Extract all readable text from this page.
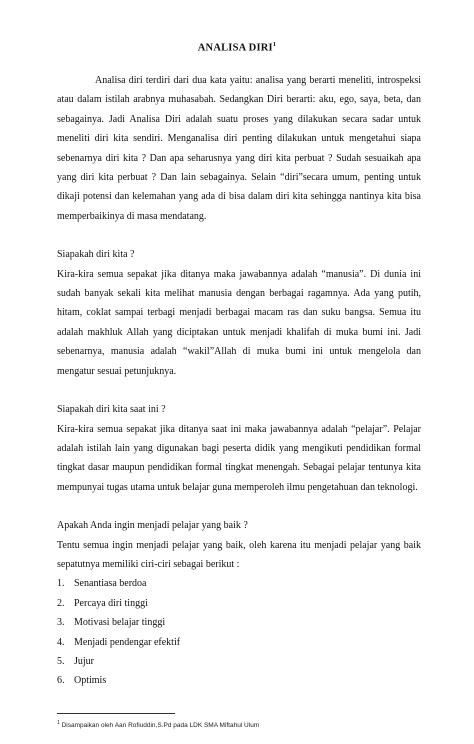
ANALISA DIRI$^1$

Analisa diri terdiri dari dua kata yaitu: analisa yang berarti meneliti, introspeksi atau dalam istilah arabnya muhasabah. Sedangkan Diri berarti: aku, ego, saya, beta, dan sebagainya. Jadi Analisa Diri adalah suatu proses yang dilakukan secara sadar untuk meneliti diri kita sendiri. Menganalisa diri penting dilakukan untuk mengetahui siapa sebenarnya diri kita ? Dan apa seharusnya yang diri kita perbuat ? Sudah sesuaikah apa yang diri kita perbuat ? Dan lain sebagainya. Selain “diri”secara umum, penting untuk dikaji potensi dan kelemahan yang ada di bisa dalam diri kita sehingga nantinya kita bisa memperbaikinya di masa mendatang.

Siapakah diri kita ?

Kira-kira semua sepakat jika ditanya maka jawabannya adalah “manusia”. Di dunia ini sudah banyak sekali kita melihat manusia dengan berbagai ragamnya. Ada yang putih, hitam, coklat sampai terbagi menjadi berbagai macam ras dan suku bangsa. Semua itu adalah makhluk Allah yang diciptakan untuk menjadi khalifah di muka bumi ini. Jadi sebenarnya, manusia adalah “wakil”Allah di muka bumi ini untuk mengelola dan mengatur sesuai petunjuknya.

Siapakah diri kita saat ini ?

Kira-kira semua sepakat jika ditanya saat ini maka jawabannya adalah “pelajar”. Pelajar adalah istilah lain yang digunakan bagi peserta didik yang mengikuti pendidikan formal tingkat dasar maupun pendidikan formal tingkat menengah. Sebagai pelajar tentunya kita mempunyai tugas utama untuk belajar guna memperoleh ilmu pengetahuan dan teknologi.

Apakah Anda ingin menjadi pelajar yang baik ?

Tentu semua ingin menjadi pelajar yang baik, oleh karena itu menjadi pelajar yang baik sepatutnya memiliki ciri-ciri sebagai berikut :

1. Senantiasa berdoa
2. Percaya diri tinggi
3. Motivasi belajar tinggi
4. Menjadi pendengar efektif
5. Jujur
6. Optimis
$^1$ Disampaikan oleh Aan Rofiuddin,S.Pd pada LDK SMA Miftahul Ulum
